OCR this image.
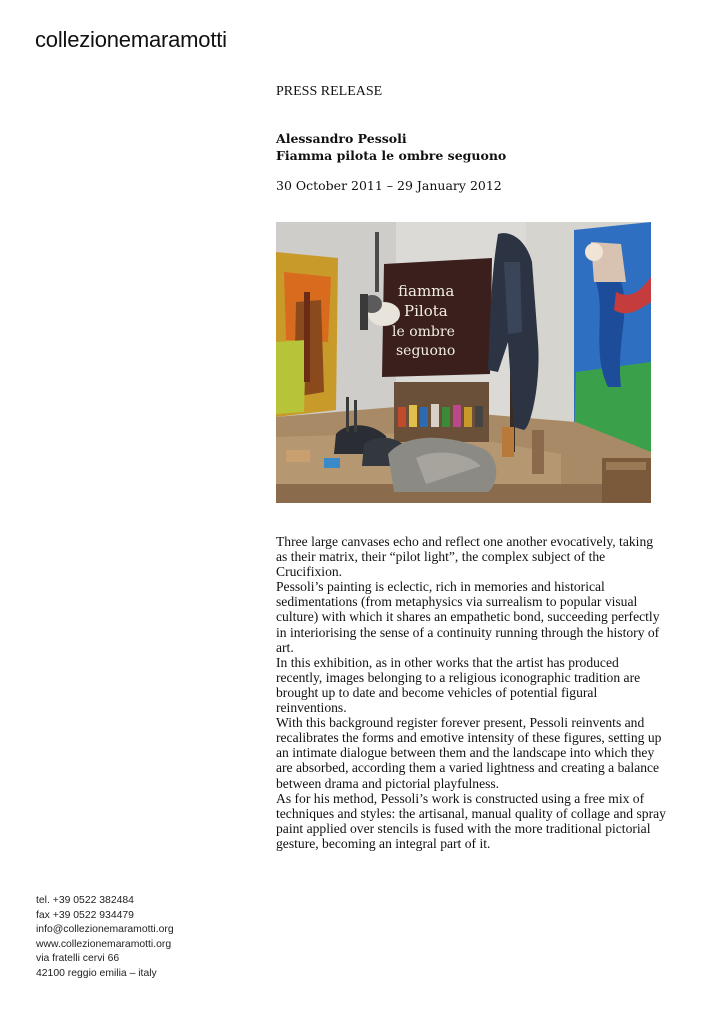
collezionemaramotti
PRESS RELEASE
Alessandro Pessoli
Fiamma pilota le ombre seguono
30 October 2011 – 29 January 2012
fiamma
Pilota
le ombre
seguono

Three large canvases echo and reflect one another evocatively, taking as their matrix, their “pilot light”, the complex subject of the Crucifixion.

Pessoli’s painting is eclectic, rich in memories and historical sedimentations (from metaphysics via surrealism to popular visual culture) with which it shares an empathetic bond, succeeding perfectly in interiorising the sense of a continuity running through the history of art.

In this exhibition, as in other works that the artist has produced recently, images belonging to a religious iconographic tradition are brought up to date and become vehicles of potential figural reinventions.

With this background register forever present, Pessoli reinvents and recalibrates the forms and emotive intensity of these figures, setting up an intimate dialogue between them and the landscape into which they are absorbed, according them a varied lightness and creating a balance between drama and pictorial playfulness.

As for his method, Pessoli’s work is constructed using a free mix of techniques and styles: the artisanal, manual quality of collage and spray paint applied over stencils is fused with the more traditional pictorial gesture, becoming an integral part of it.

tel. +39 0522 382484
fax +39 0522 934479
info@collezionemaramotti.org
www.collezionemaramotti.org
via fratelli cervi 66
42100 reggio emilia – italy
